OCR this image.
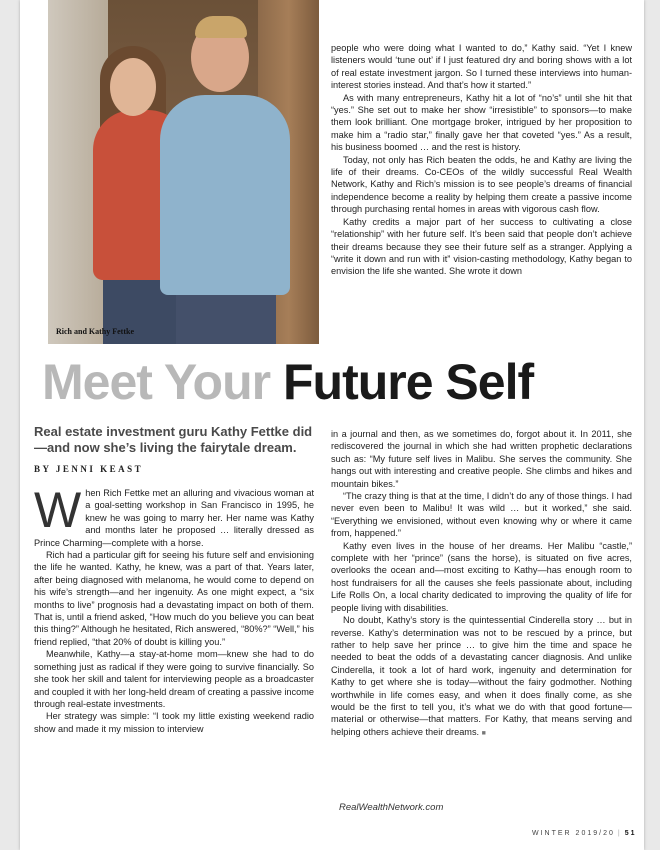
Rich and Kathy Fettke

people who were doing what I wanted to do,” Kathy said. “Yet I knew listeners would ‘tune out’ if I just featured dry and boring shows with a lot of real estate investment jargon. So I turned these interviews into human-interest stories instead. And that’s how it started.”

As with many entrepreneurs, Kathy hit a lot of “no’s” until she hit that “yes.” She set out to make her show “irresistible” to sponsors—to make them look brilliant. One mortgage broker, intrigued by her proposition to make him a “radio star,” finally gave her that coveted “yes.” As a result, his business boomed … and the rest is history.

Today, not only has Rich beaten the odds, he and Kathy are living the life of their dreams. Co-CEOs of the wildly successful Real Wealth Network, Kathy and Rich’s mission is to see people’s dreams of financial independence become a reality by helping them create a passive income through purchasing rental homes in areas with vigorous cash flow.

Kathy credits a major part of her success to cultivating a close “relationship” with her future self. It’s been said that people don’t achieve their dreams because they see their future self as a stranger. Applying a “write it down and run with it” vision-casting methodology, Kathy began to envision the life she wanted. She wrote it down

Meet Your Future Self
Real estate investment guru Kathy Fettke did—and now she’s living the fairytale dream.
BY JENNI KEAST

When Rich Fettke met an alluring and vivacious woman at a goal-setting workshop in San Francisco in 1995, he knew he was going to marry her. Her name was Kathy and months later he proposed … literally dressed as Prince Charming—complete with a horse.

Rich had a particular gift for seeing his future self and envisioning the life he wanted. Kathy, he knew, was a part of that. Years later, after being diagnosed with melanoma, he would come to depend on his wife’s strength—and her ingenuity. As one might expect, a “six months to live” prognosis had a devastating impact on both of them. That is, until a friend asked, “How much do you believe you can beat this thing?” Although he hesitated, Rich answered, “80%?” “Well,” his friend replied, “that 20% of doubt is killing you.”

Meanwhile, Kathy—a stay-at-home mom—knew she had to do something just as radical if they were going to survive financially. So she took her skill and talent for interviewing people as a broadcaster and coupled it with her long-held dream of creating a passive income through real-estate investments.

Her strategy was simple: “I took my little existing weekend radio show and made it my mission to interview

in a journal and then, as we sometimes do, forgot about it. In 2011, she rediscovered the journal in which she had written prophetic declarations such as: “My future self lives in Malibu. She serves the community. She hangs out with interesting and creative people. She climbs and hikes and mountain bikes.”

“The crazy thing is that at the time, I didn’t do any of those things. I had never even been to Malibu! It was wild … but it worked,” she said. “Everything we envisioned, without even knowing why or where it came from, happened.”

Kathy even lives in the house of her dreams. Her Malibu “castle,” complete with her “prince” (sans the horse), is situated on five acres, overlooks the ocean and—most exciting to Kathy—has enough room to host fundraisers for all the causes she feels passionate about, including Life Rolls On, a local charity dedicated to improving the quality of life for people living with disabilities.

No doubt, Kathy’s story is the quintessential Cinderella story … but in reverse. Kathy’s determination was not to be rescued by a prince, but rather to help save her prince … to give him the time and space he needed to beat the odds of a devastating cancer diagnosis. And unlike Cinderella, it took a lot of hard work, ingenuity and determination for Kathy to get where she is today—without the fairy godmother. Nothing worthwhile in life comes easy, and when it does finally come, as she would be the first to tell you, it’s what we do with that good fortune—material or otherwise—that matters. For Kathy, that means serving and helping others achieve their dreams. ■

RealWealthNetwork.com
WINTER 2019/20 | 51
